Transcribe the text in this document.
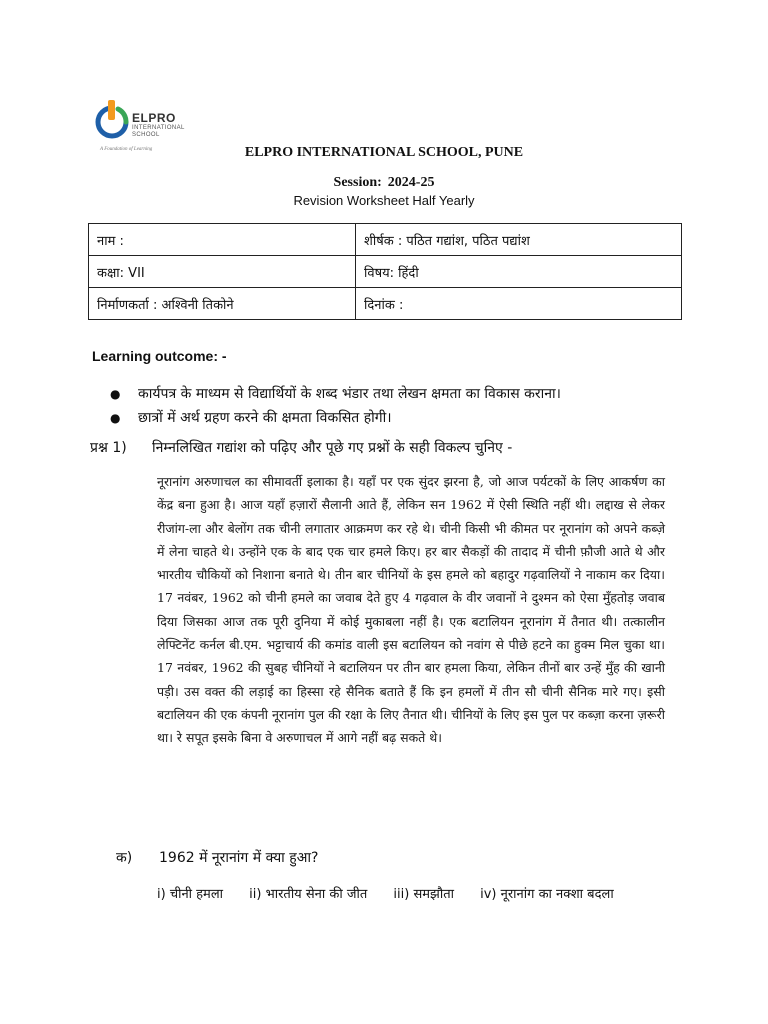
ELPRO
INTERNATIONAL
SCHOOL
A Foundation of Learning	ELPRO INTERNATIONAL SCHOOL, PUNE
Session: 2024-25
Revision Worksheet Half Yearly
नाम :	शीर्षक : पठित गद्यांश, पठित पद्यांश
कक्षा: VII	विषय: हिंदी
निर्माणकर्ता : अश्विनी तिकोने	दिनांक :
Learning outcome: -
● कार्यपत्र के माध्यम से विद्यार्थियों के शब्द भंडार तथा लेखन क्षमता का विकास कराना।
● छात्रों में अर्थ ग्रहण करने की क्षमता विकसित होगी।
प्रश्न 1) निम्नलिखित गद्यांश को पढ़िए और पूछे गए प्रश्नों के सही विकल्प चुनिए -
नूरानांग अरुणाचल का सीमावर्ती इलाका है। यहाँ पर एक सुंदर झरना है, जो आज पर्यटकों के लिए आकर्षण का केंद्र बना हुआ है। आज यहाँ हज़ारों सैलानी आते हैं, लेकिन सन 1962 में ऐसी स्थिति नहीं थी। लद्दाख से लेकर रीजांग-ला और बेलोंग तक चीनी लगातार आक्रमण कर रहे थे। चीनी किसी भी कीमत पर नूरानांग को अपने कब्ज़े में लेना चाहते थे। उन्होंने एक के बाद एक चार हमले किए। हर बार सैकड़ों की तादाद में चीनी फ़ौजी आते थे और भारतीय चौकियों को निशाना बनाते थे। तीन बार चीनियों के इस हमले को बहादुर गढ़वालियों ने नाकाम कर दिया। 17 नवंबर, 1962 को चीनी हमले का जवाब देते हुए 4 गढ़वाल के वीर जवानों ने दुश्मन को ऐसा मुँहतोड़ जवाब दिया जिसका आज तक पूरी दुनिया में कोई मुकाबला नहीं है। एक बटालियन नूरानांग में तैनात थी। तत्कालीन लेफ्टिनेंट कर्नल बी.एम. भट्टाचार्य की कमांड वाली इस बटालियन को नवांग से पीछे हटने का हुक्म मिल चुका था। 17 नवंबर, 1962 की सुबह चीनियों ने बटालियन पर तीन बार हमला किया, लेकिन तीनों बार उन्हें मुँह की खानी पड़ी। उस वक्त की लड़ाई का हिस्सा रहे सैनिक बताते हैं कि इन हमलों में तीन सौ चीनी सैनिक मारे गए। इसी बटालियन की एक कंपनी नूरानांग पुल की रक्षा के लिए तैनात थी। चीनियों के लिए इस पुल पर कब्ज़ा करना ज़रूरी था। रे सपूत इसके बिना वे अरुणाचल में आगे नहीं बढ़ सकते थे।
क) 1962 में नूरानांग में क्या हुआ?
i) चीनी हमला ii) भारतीय सेना की जीत iii) समझौता iv) नूरानांग का नक्शा बदला
